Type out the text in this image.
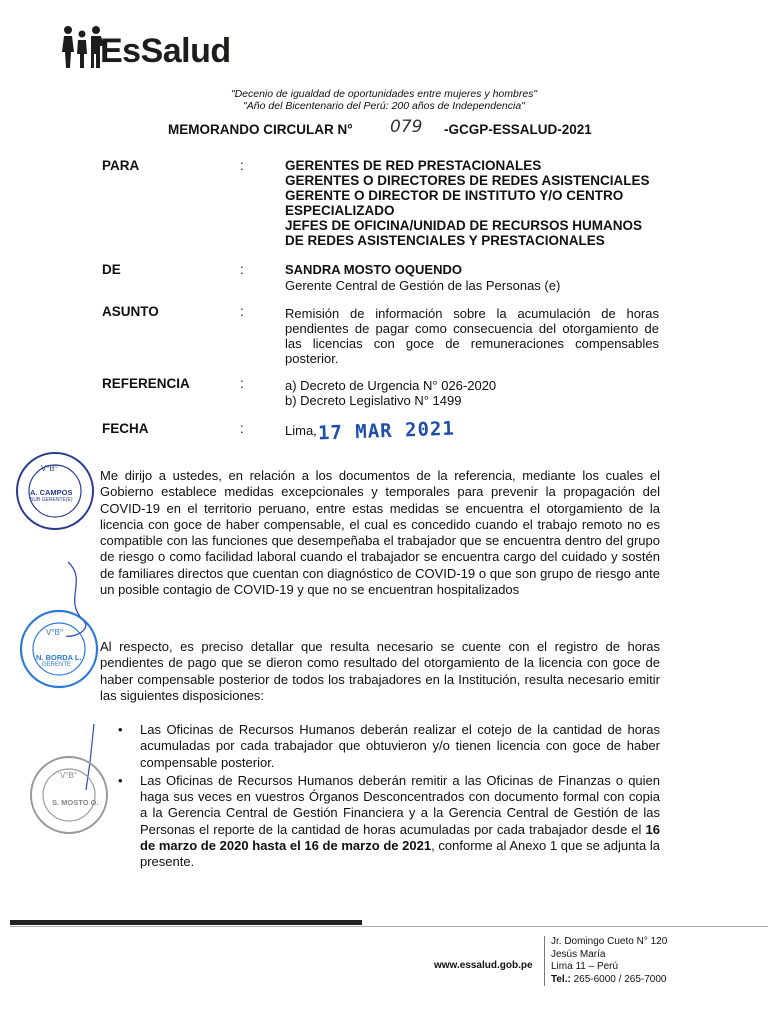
EsSalud
"Decenio de igualdad de oportunidades entre mujeres y hombres"
"Año del Bicentenario del Perú: 200 años de Independencia"
MEMORANDO CIRCULAR N° 079 -GCGP-ESSALUD-2021
PARA	:	GERENTES DE RED PRESTACIONALES
GERENTES O DIRECTORES DE REDES ASISTENCIALES
GERENTE O DIRECTOR DE INSTITUTO Y/O CENTRO
ESPECIALIZADO
JEFES DE OFICINA/UNIDAD DE RECURSOS HUMANOS
DE REDES ASISTENCIALES Y PRESTACIONALES
DE	:	SANDRA MOSTO OQUENDO
Gerente Central de Gestión de las Personas (e)
ASUNTO	:	Remisión de información sobre la acumulación de horas pendientes de pagar como consecuencia del otorgamiento de las licencias con goce de remuneraciones compensables posterior.
REFERENCIA	:	a) Decreto de Urgencia N° 026-2020
b) Decreto Legislativo N° 1499
FECHA	:	Lima, 17 MAR 2021
Me dirijo a ustedes, en relación a los documentos de la referencia, mediante los cuales el Gobierno establece medidas excepcionales y temporales para prevenir la propagación del COVID-19 en el territorio peruano, entre estas medidas se encuentra el otorgamiento de la licencia con goce de haber compensable, el cual es concedido cuando el trabajo remoto no es compatible con las funciones que desempeñaba el trabajador que se encuentra dentro del grupo de riesgo o como facilidad laboral cuando el trabajador se encuentra cargo del cuidado y sostén de familiares directos que cuentan con diagnóstico de COVID-19 o que son grupo de riesgo ante un posible contagio de COVID-19 y que no se encuentran hospitalizados
Al respecto, es preciso detallar que resulta necesario se cuente con el registro de horas pendientes de pago que se dieron como resultado del otorgamiento de la licencia con goce de haber compensable posterior de todos los trabajadores en la Institución, resulta necesario emitir las siguientes disposiciones:
• Las Oficinas de Recursos Humanos deberán realizar el cotejo de la cantidad de horas acumuladas por cada trabajador que obtuvieron y/o tienen licencia con goce de haber compensable posterior.
• Las Oficinas de Recursos Humanos deberán remitir a las Oficinas de Finanzas o quien haga sus veces en vuestros Órganos Desconcentrados con documento formal con copia a la Gerencia Central de Gestión Financiera y a la Gerencia Central de Gestión de las Personas el reporte de la cantidad de horas acumuladas por cada trabajador desde el 16 de marzo de 2020 hasta el 16 de marzo de 2021, conforme al Anexo 1 que se adjunta la presente.
V°B°
A. CAMPOS
SUB GERENTE(E)
V°B°
N. BORDA L.
GERENTE
V°B°
S. MOSTO O.
www.essalud.gob.pe
Jr. Domingo Cueto N° 120
Jesús María
Lima 11 – Perú
Tel.: 265-6000 / 265-7000
